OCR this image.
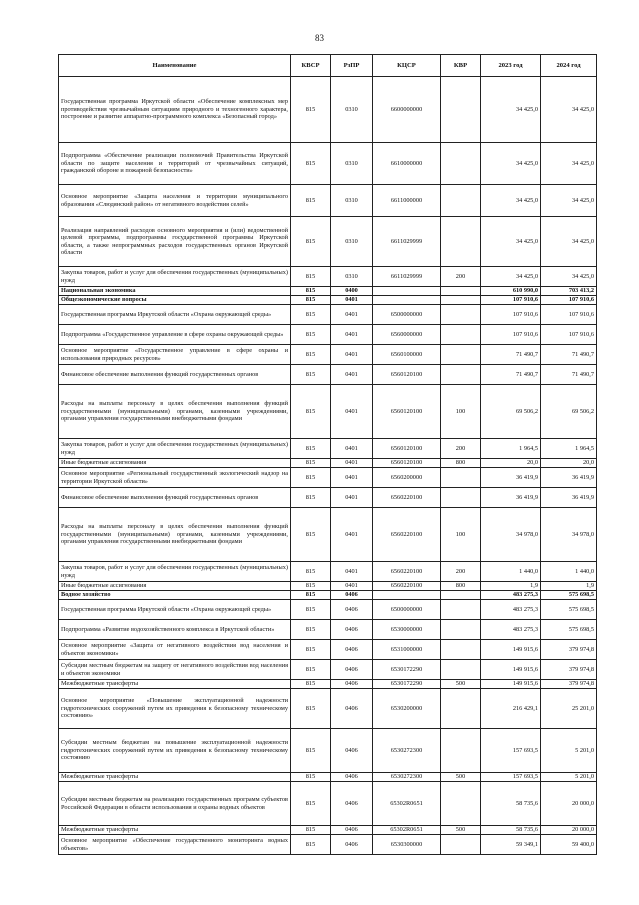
83
Наименование	КВСР	РзПР	КЦСР	КВР	2023 год	2024 год
Государственная программа Иркутской области «Обеспечение комплексных мер противодействия чрезвычайным ситуациям природного и техногенного характера, построение и развитие аппаратно-программного комплекса «Безопасный город»	815	0310	6600000000		34 425,0	34 425,0
Подпрограмма «Обеспечение реализации полномочий Правительства Иркутской области по защите населения и территорий от чрезвычайных ситуаций, гражданской обороне и пожарной безопасности»	815	0310	6610000000		34 425,0	34 425,0
Основное мероприятие «Защита населения и территории муниципального образования «Слюдянский район» от негативного воздействия селей»	815	0310	6611000000		34 425,0	34 425,0
Реализация направлений расходов основного мероприятия и (или) ведомственной целевой программы, подпрограммы государственной программы Иркутской области, а также непрограммных расходов государственных органов Иркутской области	815	0310	6611029999		34 425,0	34 425,0
Закупка товаров, работ и услуг для обеспечения государственных (муниципальных) нужд	815	0310	6611029999	200	34 425,0	34 425,0
Национальная экономика	815	0400			610 990,0	703 413,2
Общеэкономические вопросы	815	0401			107 910,6	107 910,6
Государственная программа Иркутской области «Охрана окружающей среды»	815	0401	6500000000		107 910,6	107 910,6
Подпрограмма «Государственное управление в сфере охраны окружающей среды»	815	0401	6560000000		107 910,6	107 910,6
Основное мероприятие «Государственное управление в сфере охраны и использования природных ресурсов»	815	0401	6560100000		71 490,7	71 490,7
Финансовое обеспечение выполнения функций государственных органов	815	0401	6560120100		71 490,7	71 490,7
Расходы на выплаты персоналу в целях обеспечения выполнения функций государственными (муниципальными) органами, казенными учреждениями, органами управления государственными внебюджетными фондами	815	0401	6560120100	100	69 506,2	69 506,2
Закупка товаров, работ и услуг для обеспечения государственных (муниципальных) нужд	815	0401	6560120100	200	1 964,5	1 964,5
Иные бюджетные ассигнования	815	0401	6560120100	800	20,0	20,0
Основное мероприятие «Региональный государственный экологический надзор на территории Иркутской области»	815	0401	6560200000		36 419,9	36 419,9
Финансовое обеспечение выполнения функций государственных органов	815	0401	6560220100		36 419,9	36 419,9
Расходы на выплаты персоналу в целях обеспечения выполнения функций государственными (муниципальными) органами, казенными учреждениями, органами управления государственными внебюджетными фондами	815	0401	6560220100	100	34 978,0	34 978,0
Закупка товаров, работ и услуг для обеспечения государственных (муниципальных) нужд	815	0401	6560220100	200	1 440,0	1 440,0
Иные бюджетные ассигнования	815	0401	6560220100	800	1,9	1,9
Водное хозяйство	815	0406			483 275,3	575 698,5
Государственная программа Иркутской области «Охрана окружающей среды»	815	0406	6500000000		483 275,3	575 698,5
Подпрограмма «Развитие водохозяйственного комплекса в Иркутской области»	815	0406	6530000000		483 275,3	575 698,5
Основное мероприятие «Защита от негативного воздействия вод населения и объектов экономики»	815	0406	6531000000		149 915,6	379 974,8
Субсидии местным бюджетам на защиту от негативного воздействия вод населения и объектов экономики	815	0406	6530172290		149 915,6	379 974,8
Межбюджетные трансферты	815	0406	6530172290	500	149 915,6	379 974,8
Основное мероприятие «Повышение эксплуатационной надежности гидротехнических сооружений путем их приведения к безопасному техническому состоянию»	815	0406	6530200000		216 429,1	25 201,0
Субсидии местным бюджетам на повышение эксплуатационной надежности гидротехнических сооружений путем их приведения к безопасному техническому состоянию	815	0406	6530272300		157 693,5	5 201,0
Межбюджетные трансферты	815	0406	6530272300	500	157 693,5	5 201,0
Субсидии местным бюджетам на реализацию государственных программ субъектов Российской Федерации в области использования и охраны водных объектов	815	0406	65302R0651		58 735,6	20 000,0
Межбюджетные трансферты	815	0406	65302R0651	500	58 735,6	20 000,0
Основное мероприятие «Обеспечение государственного мониторинга водных объектов»	815	0406	6530300000		59 349,1	59 400,0
